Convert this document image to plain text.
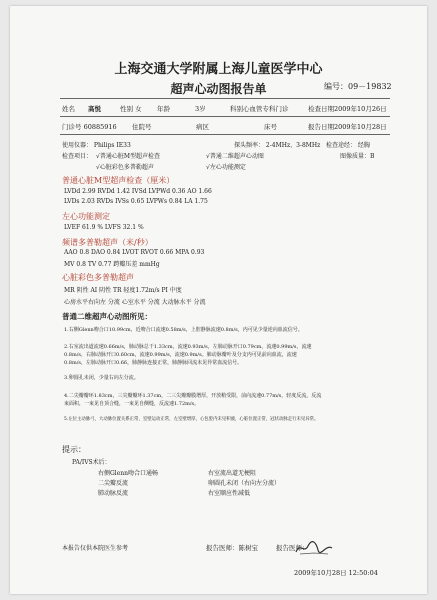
上海交通大学附属上海儿童医学中心
超声心动图报告单	编号：09－19832
姓名 高悦	性别 女 年龄	3岁	科别心血管专科门诊	检查日期2009年10月26日
门诊号 60885916 住院号	病区	床号	报告日期2009年10月28日
使用仪器： Philips IE33	探头频率： 2-4MHz、3-8MHz 检查途经： 经胸
检查项目： √普通心脏M型超声检查	√普通二维超声心动图	图像质量：B
√心脏彩色多普勒超声	√左心功能测定
普通心脏M型超声检查（厘米）
LVDd 2.99 RVDd 1.42 IVSd LVPWd 0.36 AO 1.66
LVDs 2.03 RVDs IVSs 0.65 LVPWs 0.84 LA 1.75
左心功能测定
LVEF 61.9 % LVFS 32.1 %
频谱多普勒超声（米/秒）
AAO 0.8 DAO 0.84 LVOT RVOT 0.66 MPA 0.93
MV 0.8 TV 0.77 跨瓣压差 mmHg
心脏彩色多普勒超声
MR 阴性 AI 阴性 TR 轻度1.72m/s PI 中度
心房水平右向左 分流 心室水平 分流 大动脉水平 分流
普通二维超声心动图所见：
1.右侧Glenn吻合口10.99cm，近吻合口流速0.58m/s，上腔静脉流速0.8m/s，内可见少量逆向血流信号。
2.右室流出道流速0.66m/s，肺动脉总干1.33cm，流速0.93m/s，左肺动脉开口0.79cm，流速0.99m/s，流速
0.8m/s，右肺动脉开口0.60cm，流速0.99m/s，流速0.9m/s。肺动脉瓣叶及分支内可见前向血流，流速
0.8m/s，左肺动脉开口0.66，肺静脉连接正常，肺静脉回流未见异常血流信号。
3.卵圆孔未闭，少量右向左分流。
4.二尖瓣瓣环1.83cm，三尖瓣瓣环1.37cm，二三尖瓣瓣膜增厚，开放稍受限，前向流速0.77m/s，轻度反流，反流
束面积，一束见自顶合缝，一束见自侧缝，反流速1.72m/s。
5.左位主动脉弓，大动脉位置关系正常，室壁运动正常，左室壁增厚，心包腔内未见积液，心脏位置正常，冠状动脉走行未见异常。
提示：
PA/IVS术后：
右侧Glenn吻合口通畅
二尖瓣反流
肺动脉反流
右室流出道无梗阻
卵圆孔未闭（右向左分流）
右室顺应性减低
本报告仅供本院医生参考	报告医师：陈树宝	报告医师：
2009年10月28日 12:50:04
